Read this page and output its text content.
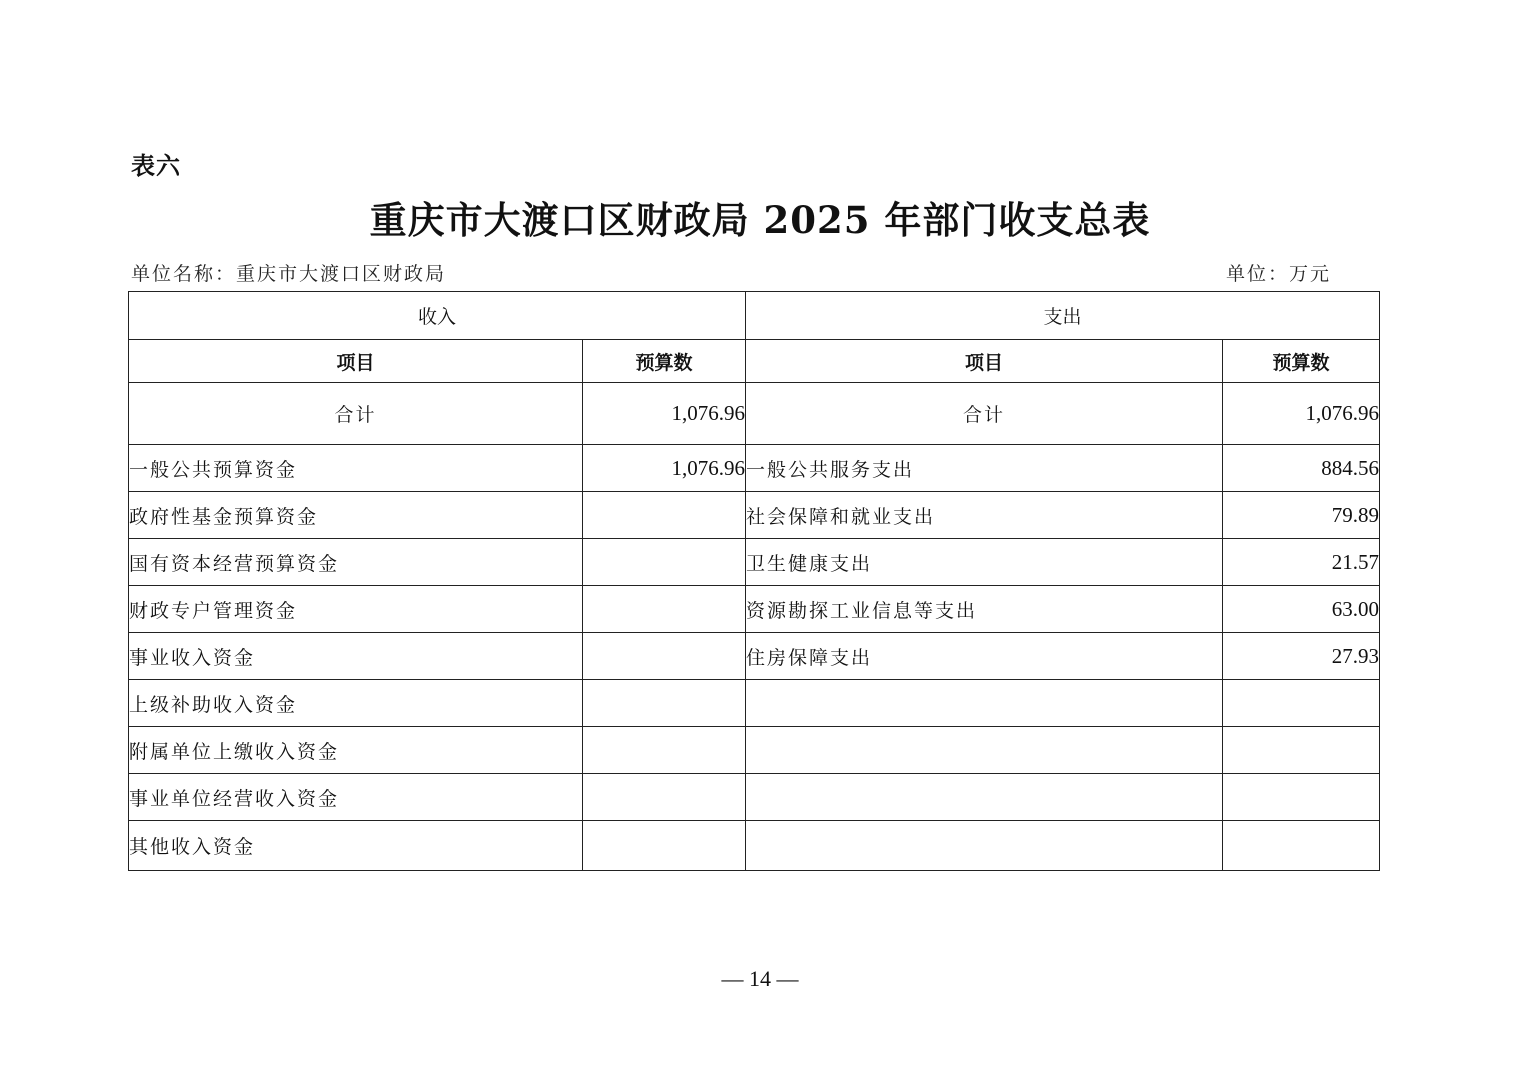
表六
重庆市大渡口区财政局 2025 年部门收支总表
单位名称：重庆市大渡口区财政局	单位：万元
收入		支出	
项目	预算数	项目	预算数
合计	1,076.96	合计	1,076.96
一般公共预算资金	1,076.96	一般公共服务支出	884.56
政府性基金预算资金		社会保障和就业支出	79.89
国有资本经营预算资金		卫生健康支出	21.57
财政专户管理资金		资源勘探工业信息等支出	63.00
事业收入资金		住房保障支出	27.93
上级补助收入资金			
附属单位上缴收入资金			
事业单位经营收入资金			
其他收入资金			
— 14 —
